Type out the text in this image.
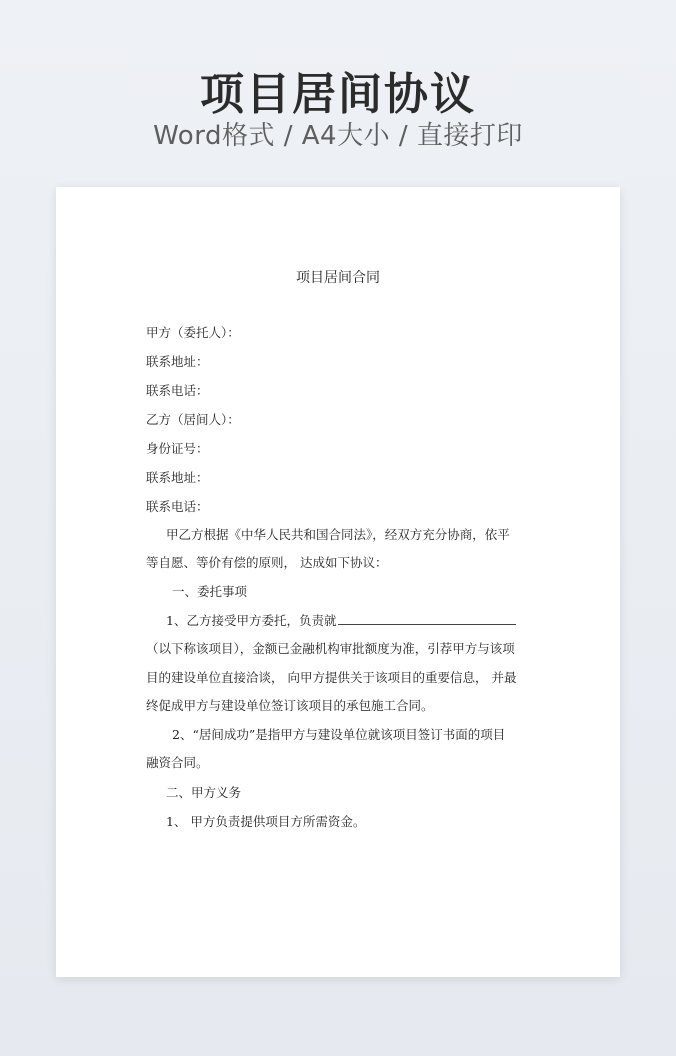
项目居间协议
Word格式 / A4大小 / 直接打印
项目居间合同
甲方（委托人）：
联系地址：
联系电话：
乙方（居间人）：
身份证号：
联系地址：
联系电话：
甲乙方根据《中华人民共和国合同法》，经双方充分协商，依平
等自愿、等价有偿的原则， 达成如下协议：
一、委托事项
1、乙方接受甲方委托，负责就
（以下称该项目），金额已金融机构审批额度为准，引荐甲方与该项
目的建设单位直接洽谈， 向甲方提供关于该项目的重要信息， 并最
终促成甲方与建设单位签订该项目的承包施工合同。
2、“居间成功”是指甲方与建设单位就该项目签订书面的项目
融资合同。
二、甲方义务
1、 甲方负责提供项目方所需资金。
